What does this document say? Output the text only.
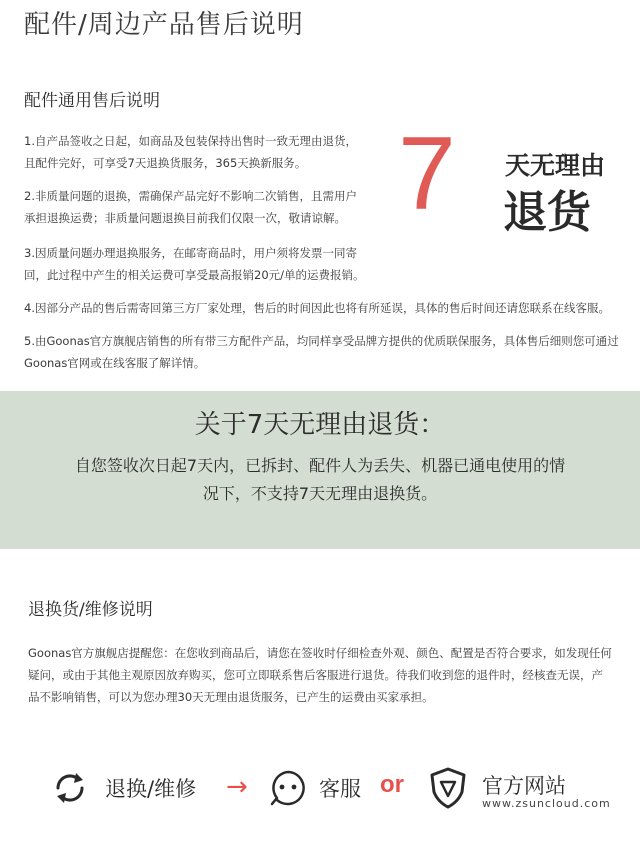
配件/周边产品售后说明
配件通用售后说明
1.自产品签收之日起，如商品及包装保持出售时一致无理由退货，且配件完好，可享受7天退换货服务，365天换新服务。
2.非质量问题的退换，需确保产品完好不影响二次销售，且需用户承担退换运费；非质量问题退换目前我们仅限一次，敬请谅解。
3.因质量问题办理退换服务，在邮寄商品时，用户须将发票一同寄回，此过程中产生的相关运费可享受最高报销20元/单的运费报销。
4.因部分产品的售后需寄回第三方厂家处理，售后的时间因此也将有所延误，具体的售后时间还请您联系在线客服。
5.由Goonas官方旗舰店销售的所有带三方配件产品，均同样享受品牌方提供的优质联保服务，具体售后细则您可通过Goonas官网或在线客服了解详情。
7 天无理由
退货
关于7天无理由退货：
自您签收次日起7天内，已拆封、配件人为丢失、机器已通电使用的情况下，不支持7天无理由退换货。
退换货/维修说明
Goonas官方旗舰店提醒您：在您收到商品后，请您在签收时仔细检查外观、颜色、配置是否符合要求，如发现任何疑问，或由于其他主观原因放弃购买，您可立即联系售后客服进行退货。待我们收到您的退件时，经核查无误，产品不影响销售，可以为您办理30天无理由退货服务，已产生的运费由买家承担。
退换/维修 →	客服 or	官方网站
www.zsuncloud.com
